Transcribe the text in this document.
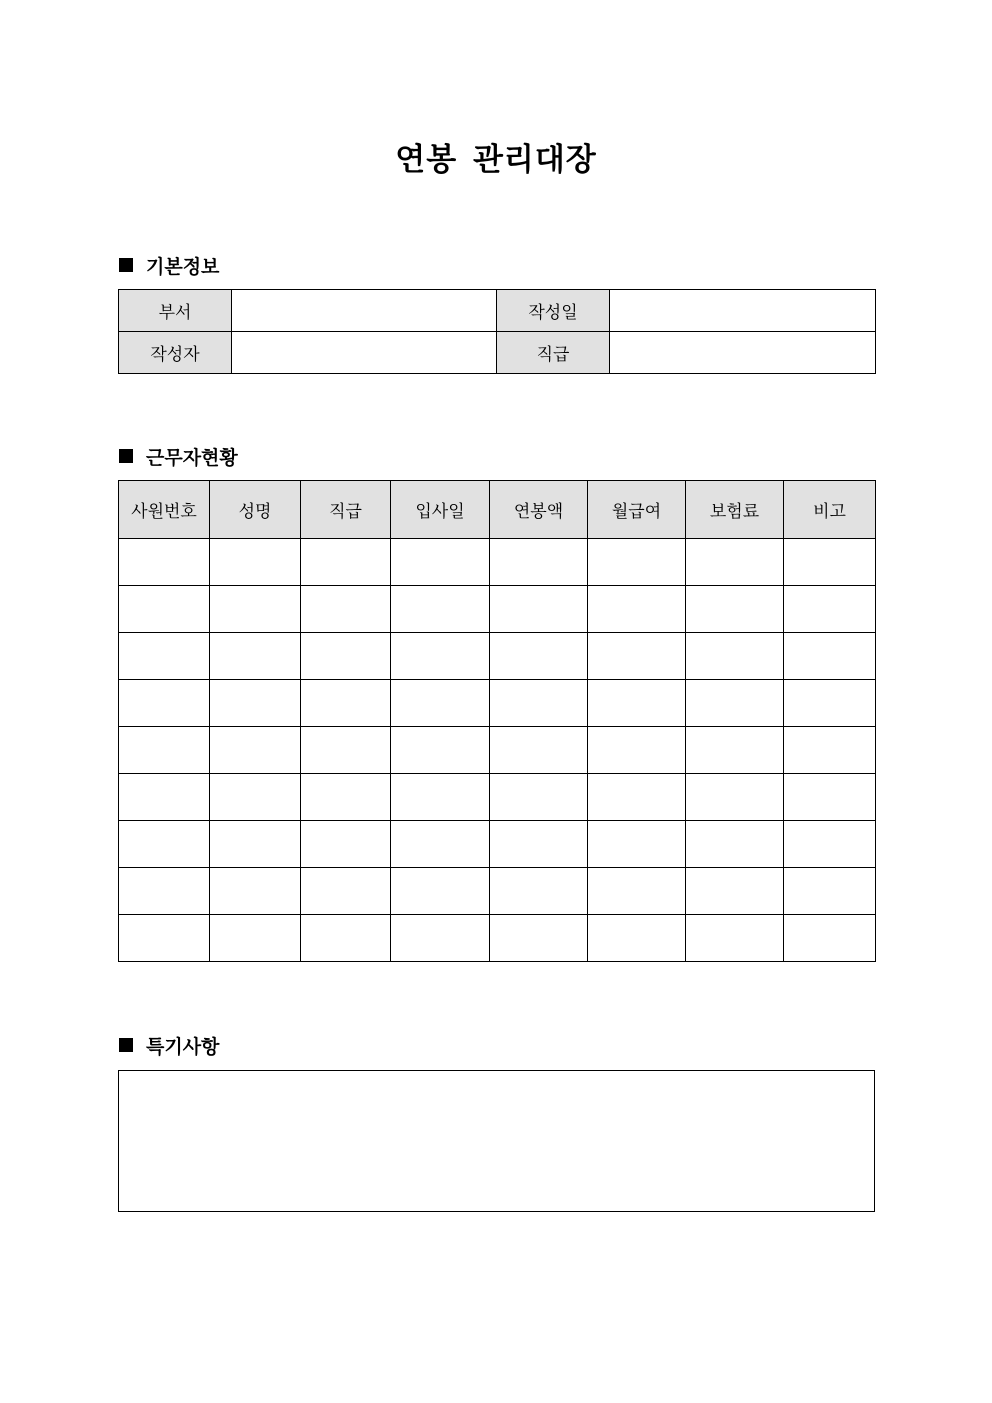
연봉 관리대장
기본정보
부서		작성일	
작성자		직급	
근무자현황
사원번호	성명	직급	입사일	연봉액	월급여	보험료	비고

특기사항
